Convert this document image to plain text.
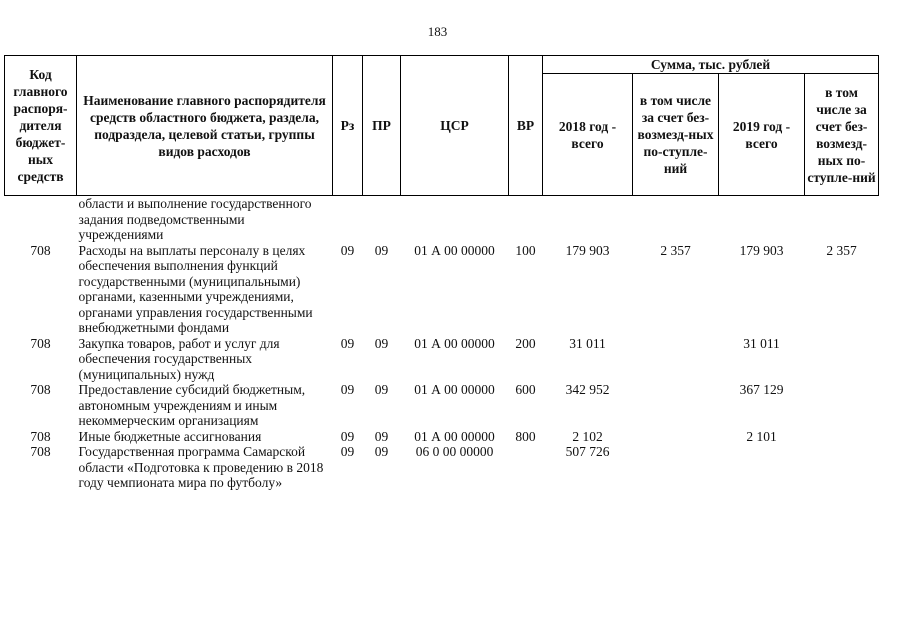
183
Код главного распоря-дителя бюджет-ных средств	Наименование главного распорядителя средств областного бюджета, раздела, подраздела, целевой статьи, группы видов расходов	Рз	ПР	ЦСР	ВР	Сумма, тыс. рублей			
						2018 год - всего	в том числе за счет без-возмезд-ных по-ступле-ний	2019 год - всего	в том числе за счет без-возмезд-ных по-ступле-ний
	области и выполнение государственного задания подведомственными учреждениями								
708	Расходы на выплаты персоналу в целях обеспечения выполнения функций государственными (муниципальными) органами, казенными учреждениями, органами управления государственными внебюджетными фондами	09	09	01 А 00 00000	100	179 903	2 357	179 903	2 357
708	Закупка товаров, работ и услуг для обеспечения государственных (муниципальных) нужд	09	09	01 А 00 00000	200	31 011		31 011	
708	Предоставление субсидий бюджетным, автономным учреждениям и иным некоммерческим организациям	09	09	01 А 00 00000	600	342 952		367 129	
708	Иные бюджетные ассигнования	09	09	01 А 00 00000	800	2 102		2 101	
708	Государственная программа Самарской области «Подготовка к проведению в 2018 году чемпионата мира по футболу»	09	09	06 0 00 00000		507 726			
